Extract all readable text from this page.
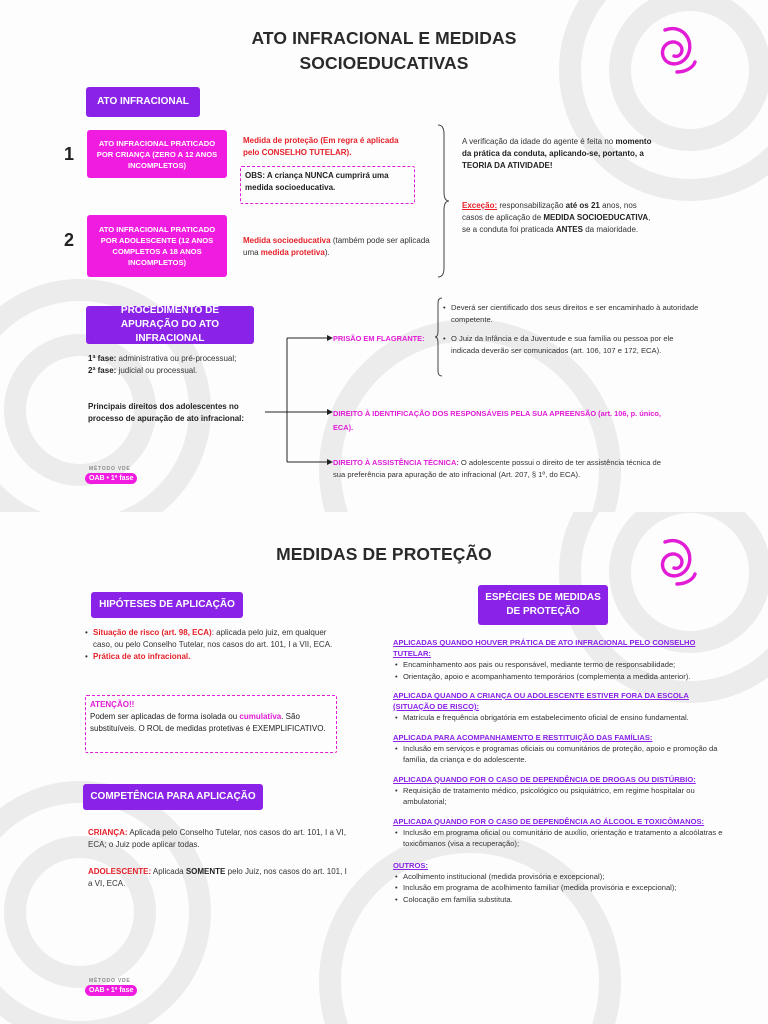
ATO INFRACIONAL E MEDIDAS
SOCIOEDUCATIVAS
ATO INFRACIONAL
1
ATO INFRACIONAL PRATICADO POR CRIANÇA (ZERO A 12 ANOS INCOMPLETOS)
Medida de proteção (Em regra é aplicada pelo CONSELHO TUTELAR).
OBS: A criança NUNCA cumprirá uma medida socioeducativa.
2
ATO INFRACIONAL PRATICADO POR ADOLESCENTE (12 ANOS COMPLETOS A 18 ANOS INCOMPLETOS)
Medida socioeducativa (também pode ser aplicada uma medida protetiva).
A verificação da idade do agente é feita no momento da prática da conduta, aplicando-se, portanto, a TEORIA DA ATIVIDADE!
Exceção: responsabilização até os 21 anos, nos casos de aplicação de MEDIDA SOCIOEDUCATIVA, se a conduta foi praticada ANTES da maioridade.
PROCEDIMENTO DE APURAÇÃO DO ATO INFRACIONAL
1ª fase: administrativa ou pré-processual;
2ª fase: judicial ou processual.
Principais direitos dos adolescentes no processo de apuração de ato infracional:
PRISÃO EM FLAGRANTE:
• Deverá ser cientificado dos seus direitos e ser encaminhado à autoridade competente.
• O Juiz da Infância e da Juventude e sua família ou pessoa por ele indicada deverão ser comunicados (art. 106, 107 e 172, ECA).
DIREITO À IDENTIFICAÇÃO DOS RESPONSÁVEIS PELA SUA APREENSÃO (art. 106, p. único, ECA).
DIREITO À ASSISTÊNCIA TÉCNICA: O adolescente possui o direito de ter assistência técnica de sua preferência para apuração de ato infracional (Art. 207, § 1º, do ECA).
MÉTODO VDE
OAB • 1ª fase
MEDIDAS DE PROTEÇÃO
HIPÓTESES DE APLICAÇÃO
• Situação de risco (art. 98, ECA): aplicada pelo juiz, em qualquer caso, ou pelo Conselho Tutelar, nos casos do art. 101, I a VII, ECA.
• Prática de ato infracional.
ATENÇÃO!!
Podem ser aplicadas de forma isolada ou cumulativa. São substituíveis. O ROL de medidas protetivas é EXEMPLIFICATIVO.
COMPETÊNCIA PARA APLICAÇÃO
CRIANÇA: Aplicada pelo Conselho Tutelar, nos casos do art. 101, I a VI, ECA; o Juiz pode aplicar todas.
ADOLESCENTE: Aplicada SOMENTE pelo Juiz, nos casos do art. 101, I a VI, ECA.
ESPÉCIES DE MEDIDAS DE PROTEÇÃO
APLICADAS QUANDO HOUVER PRÁTICA DE ATO INFRACIONAL PELO CONSELHO TUTELAR:
• Encaminhamento aos pais ou responsável, mediante termo de responsabilidade;
• Orientação, apoio e acompanhamento temporários (complementa a medida anterior).
APLICADA QUANDO A CRIANÇA OU ADOLESCENTE ESTIVER FORA DA ESCOLA (SITUAÇÃO DE RISCO):
• Matrícula e frequência obrigatória em estabelecimento oficial de ensino fundamental.
APLICADA PARA ACOMPANHAMENTO E RESTITUIÇÃO DAS FAMÍLIAS:
• Inclusão em serviços e programas oficiais ou comunitários de proteção, apoio e promoção da família, da criança e do adolescente.
APLICADA QUANDO FOR O CASO DE DEPENDÊNCIA DE DROGAS OU DISTÚRBIO:
• Requisição de tratamento médico, psicológico ou psiquiátrico, em regime hospitalar ou ambulatorial;
APLICADA QUANDO FOR O CASO DE DEPENDÊNCIA AO ÁLCOOL E TOXICÔMANOS:
• Inclusão em programa oficial ou comunitário de auxílio, orientação e tratamento a alcoólatras e toxicômanos (visa a recuperação);
OUTROS:
• Acolhimento institucional (medida provisória e excepcional);
• Inclusão em programa de acolhimento familiar (medida provisória e excepcional);
• Colocação em família substituta.
MÉTODO VDE
OAB • 1ª fase
